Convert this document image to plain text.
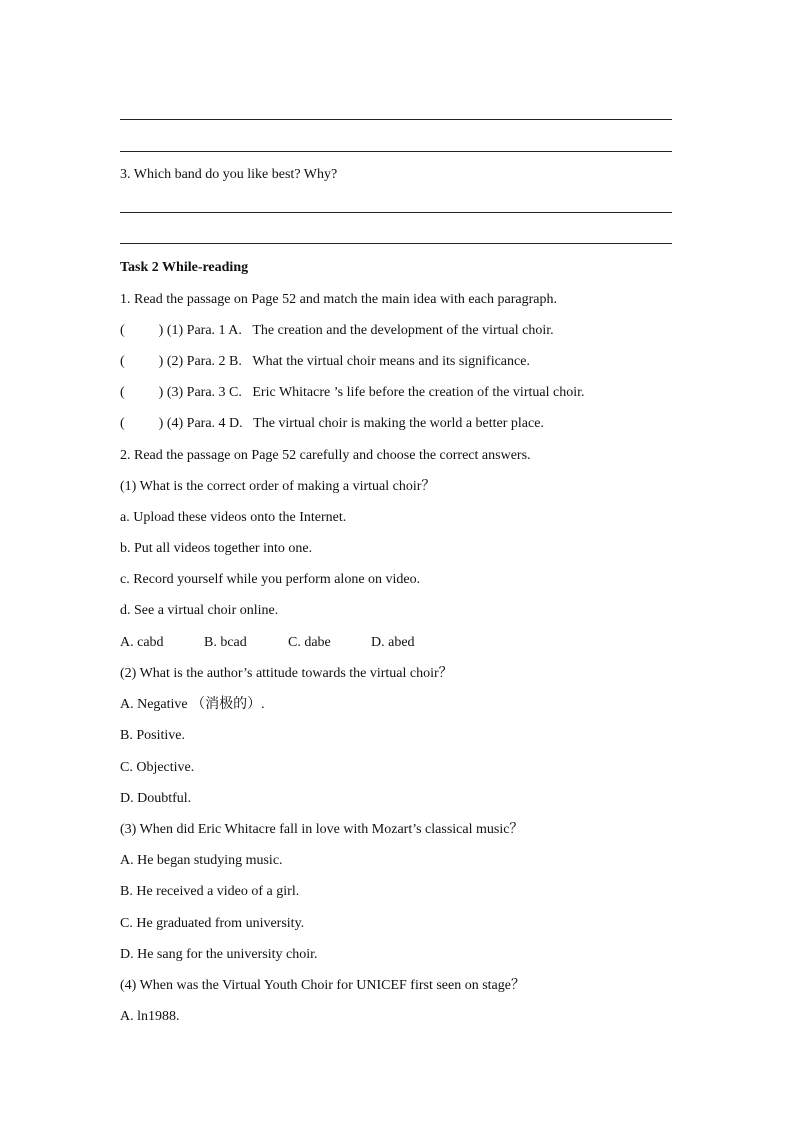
3. Which band do you like best? Why?
Task 2 While-reading
1. Read the passage on Page 52 and match the main idea with each paragraph.
( ) (1) Para. 1 A. The creation and the development of the virtual choir.
( ) (2) Para. 2 B. What the virtual choir means and its significance.
( ) (3) Para. 3 C. Eric Whitacre ’s life before the creation of the virtual choir.
( ) (4) Para. 4 D. The virtual choir is making the world a better place.
2. Read the passage on Page 52 carefully and choose the correct answers.
(1) What is the correct order of making a virtual choir？
a. Upload these videos onto the Internet.
b. Put all videos together into one.
c. Record yourself while you perform alone on video.
d. See a virtual choir online.
A. cabd	B. bcad	C. dabe	D. abed
(2) What is the author’s attitude towards the virtual choir？
A. Negative （消极的）.
B. Positive.
C. Objective.
D. Doubtful.
(3) When did Eric Whitacre fall in love with Mozart’s classical music？
A. He began studying music.
B. He received a video of a girl.
C. He graduated from university.
D. He sang for the university choir.
(4) When was the Virtual Youth Choir for UNICEF first seen on stage？
A. ln1988.
